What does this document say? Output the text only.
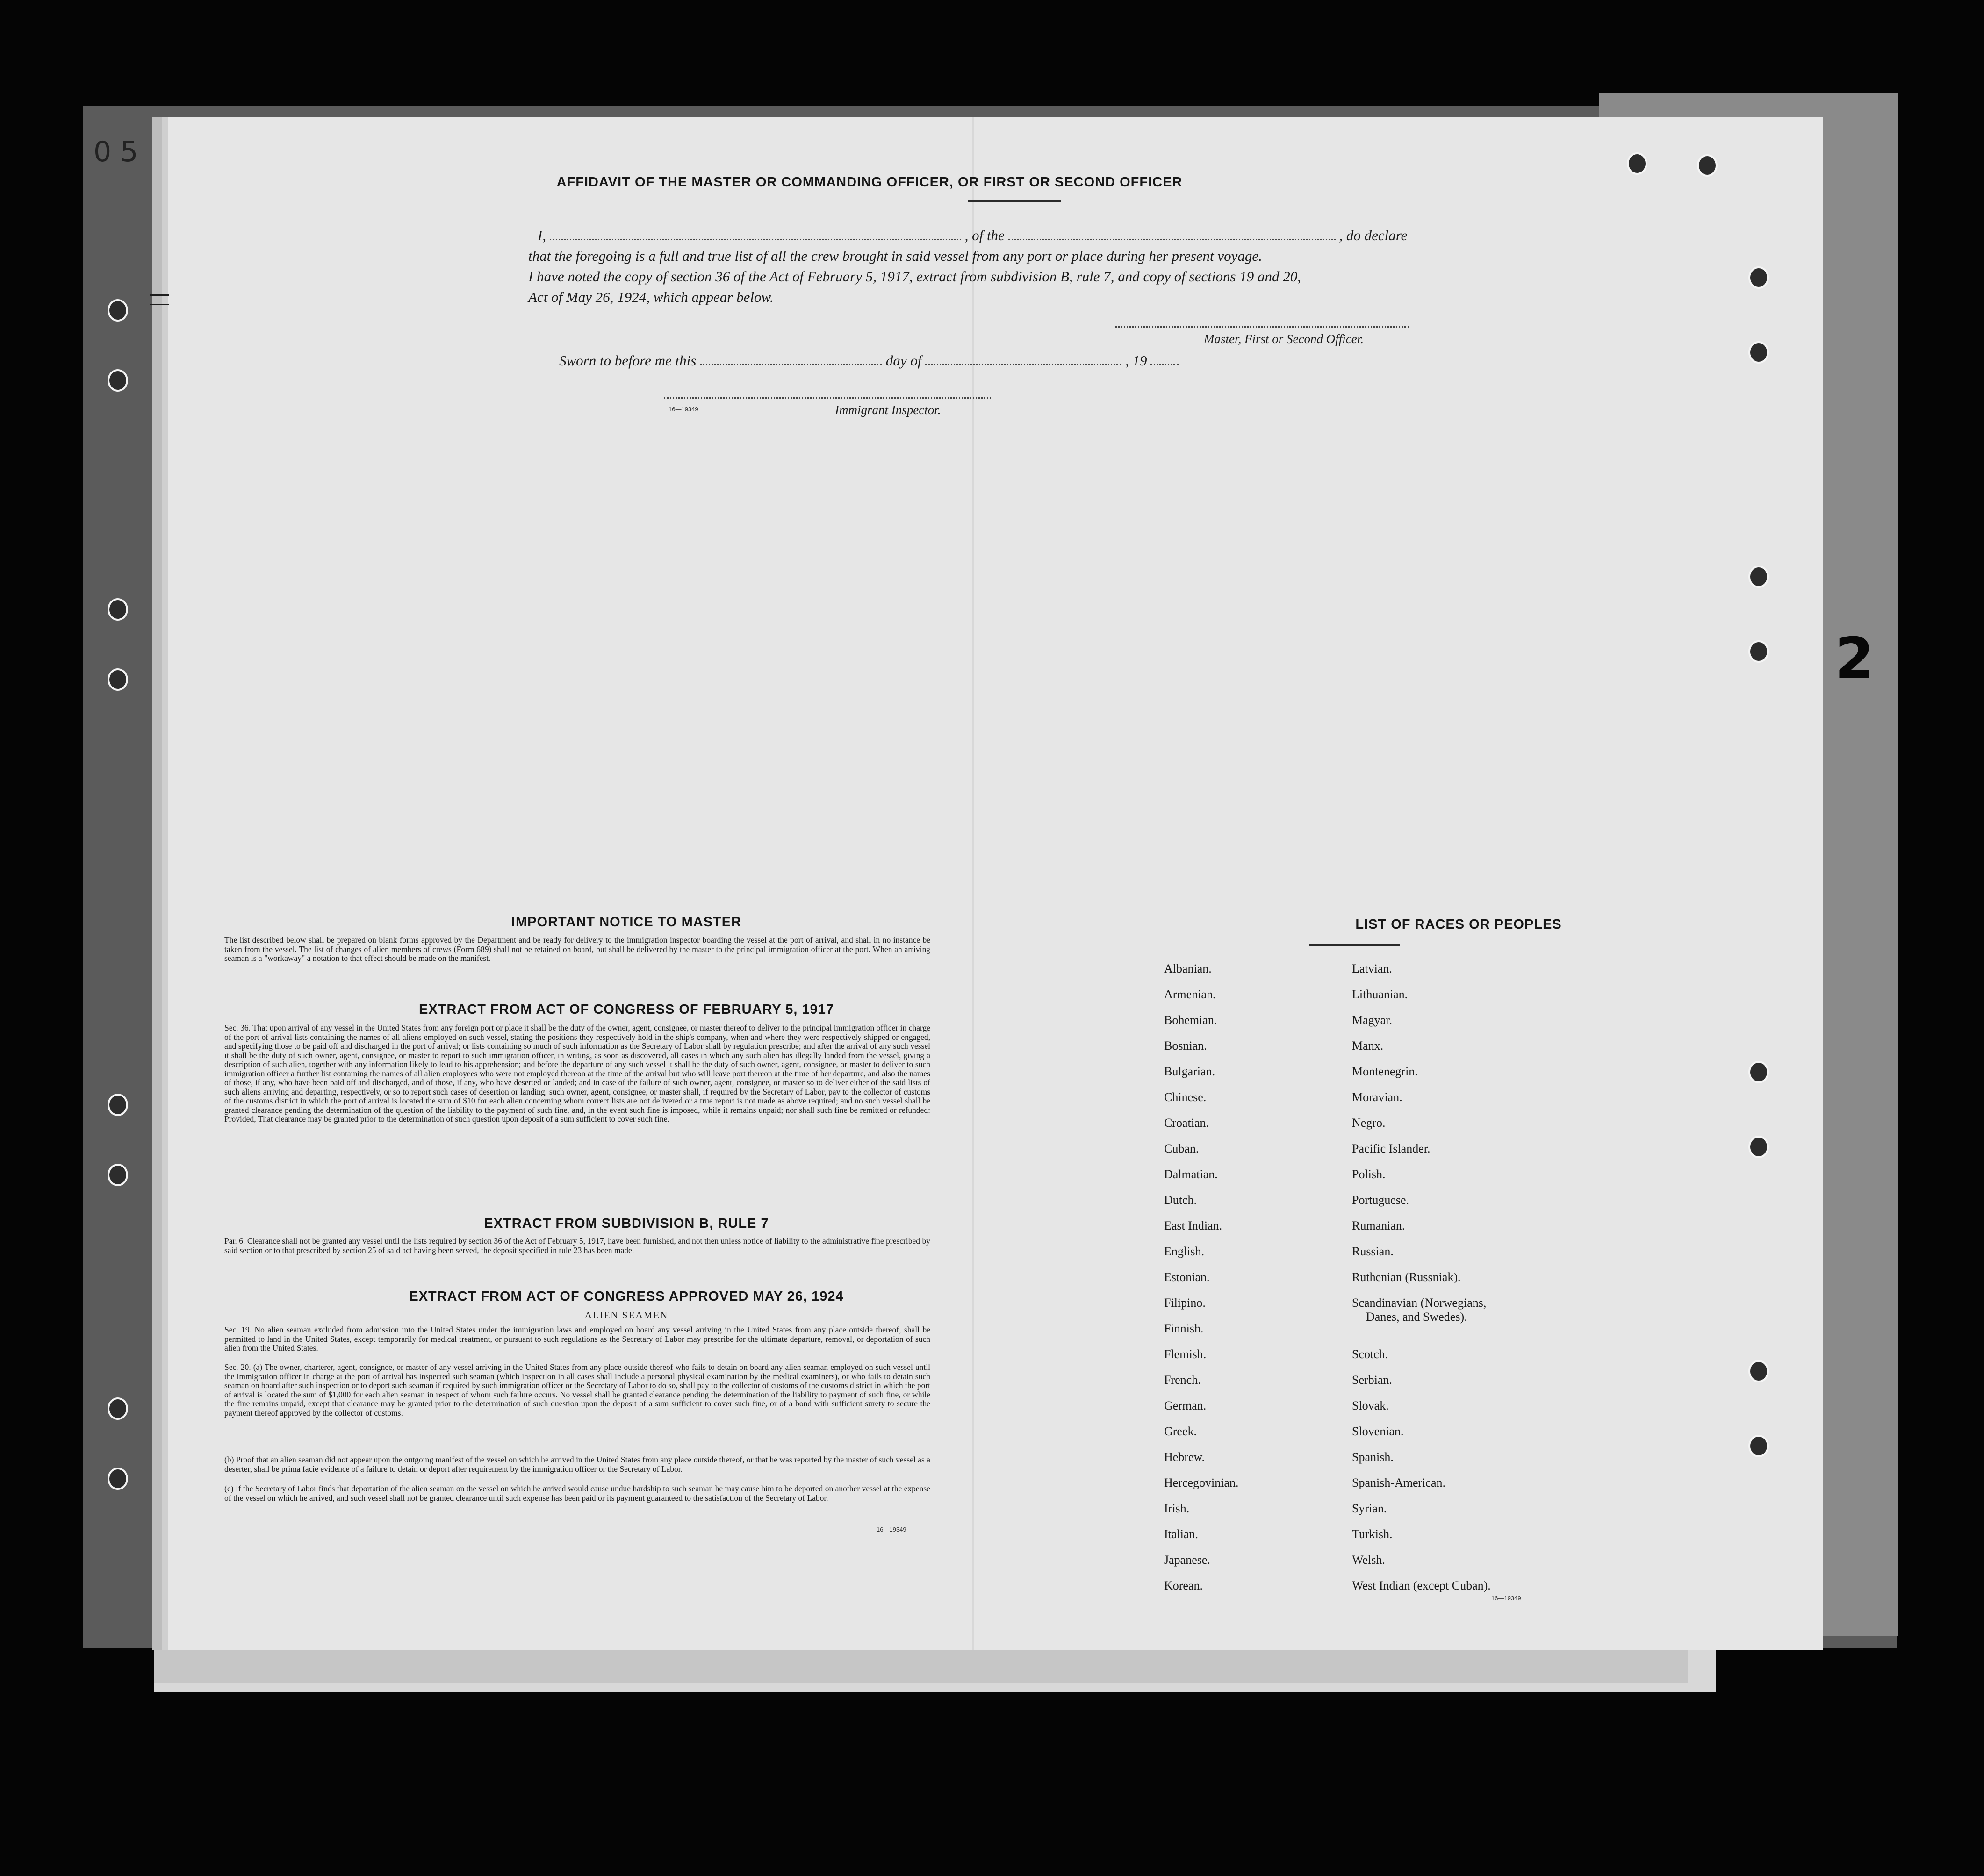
0 5
2
AFFIDAVIT OF THE MASTER OR COMMANDING OFFICER, OR FIRST OR SECOND OFFICER
I,	, of the	, do declare
that the foregoing is a full and true list of all the crew brought in said vessel from any port or place during her present voyage.
I have noted the copy of section 36 of the Act of February 5, 1917, extract from subdivision B, rule 7, and copy of sections 19 and 20,
Act of May 26, 1924, which appear below.
Master, First or Second Officer.
Sworn to before me this	day of	, 19
16—19349	Immigrant Inspector.
IMPORTANT NOTICE TO MASTER
The list described below shall be prepared on blank forms approved by the Department and be ready for delivery to the immigration inspector boarding the vessel at the port of arrival, and shall in no instance be taken from the vessel. The list of changes of alien members of crews (Form 689) shall not be retained on board, but shall be delivered by the master to the principal immigration officer at the port. When an arriving seaman is a "workaway" a notation to that effect should be made on the manifest.
EXTRACT FROM ACT OF CONGRESS OF FEBRUARY 5, 1917
Sec. 36. That upon arrival of any vessel in the United States from any foreign port or place it shall be the duty of the owner, agent, consignee, or master thereof to deliver to the principal immigration officer in charge of the port of arrival lists containing the names of all aliens employed on such vessel, stating the positions they respectively hold in the ship's company, when and where they were respectively shipped or engaged, and specifying those to be paid off and discharged in the port of arrival; or lists containing so much of such information as the Secretary of Labor shall by regulation prescribe; and after the arrival of any such vessel it shall be the duty of such owner, agent, consignee, or master to report to such immigration officer, in writing, as soon as discovered, all cases in which any such alien has illegally landed from the vessel, giving a description of such alien, together with any information likely to lead to his apprehension; and before the departure of any such vessel it shall be the duty of such owner, agent, consignee, or master to deliver to such immigration officer a further list containing the names of all alien employees who were not employed thereon at the time of the arrival but who will leave port thereon at the time of her departure, and also the names of those, if any, who have been paid off and discharged, and of those, if any, who have deserted or landed; and in case of the failure of such owner, agent, consignee, or master so to deliver either of the said lists of such aliens arriving and departing, respectively, or so to report such cases of desertion or landing, such owner, agent, consignee, or master shall, if required by the Secretary of Labor, pay to the collector of customs of the customs district in which the port of arrival is located the sum of $10 for each alien concerning whom correct lists are not delivered or a true report is not made as above required; and no such vessel shall be granted clearance pending the determination of the question of the liability to the payment of such fine, and, in the event such fine is imposed, while it remains unpaid; nor shall such fine be remitted or refunded: Provided, That clearance may be granted prior to the determination of such question upon deposit of a sum sufficient to cover such fine.
EXTRACT FROM SUBDIVISION B, RULE 7
Par. 6. Clearance shall not be granted any vessel until the lists required by section 36 of the Act of February 5, 1917, have been furnished, and not then unless notice of liability to the administrative fine prescribed by said section or to that prescribed by section 25 of said act having been served, the deposit specified in rule 23 has been made.
EXTRACT FROM ACT OF CONGRESS APPROVED MAY 26, 1924
ALIEN SEAMEN
Sec. 19. No alien seaman excluded from admission into the United States under the immigration laws and employed on board any vessel arriving in the United States from any place outside thereof, shall be permitted to land in the United States, except temporarily for medical treatment, or pursuant to such regulations as the Secretary of Labor may prescribe for the ultimate departure, removal, or deportation of such alien from the United States.
Sec. 20. (a) The owner, charterer, agent, consignee, or master of any vessel arriving in the United States from any place outside thereof who fails to detain on board any alien seaman employed on such vessel until the immigration officer in charge at the port of arrival has inspected such seaman (which inspection in all cases shall include a personal physical examination by the medical examiners), or who fails to detain such seaman on board after such inspection or to deport such seaman if required by such immigration officer or the Secretary of Labor to do so, shall pay to the collector of customs of the customs district in which the port of arrival is located the sum of $1,000 for each alien seaman in respect of whom such failure occurs. No vessel shall be granted clearance pending the determination of the liability to payment of such fine, or while the fine remains unpaid, except that clearance may be granted prior to the determination of such question upon the deposit of a sum sufficient to cover such fine, or of a bond with sufficient surety to secure the payment thereof approved by the collector of customs.
(b) Proof that an alien seaman did not appear upon the outgoing manifest of the vessel on which he arrived in the United States from any place outside thereof, or that he was reported by the master of such vessel as a deserter, shall be prima facie evidence of a failure to detain or deport after requirement by the immigration officer or the Secretary of Labor.
(c) If the Secretary of Labor finds that deportation of the alien seaman on the vessel on which he arrived would cause undue hardship to such seaman he may cause him to be deported on another vessel at the expense of the vessel on which he arrived, and such vessel shall not be granted clearance until such expense has been paid or its payment guaranteed to the satisfaction of the Secretary of Labor.
16—19349
LIST OF RACES OR PEOPLES
Albanian.
Armenian.
Bohemian.
Bosnian.
Bulgarian.
Chinese.
Croatian.
Cuban.
Dalmatian.
Dutch.
East Indian.
English.
Estonian.
Filipino.
Finnish.
Flemish.
French.
German.
Greek.
Hebrew.
Hercegovinian.
Irish.
Italian.
Japanese.
Korean.
Latvian.
Lithuanian.
Magyar.
Manx.
Montenegrin.
Moravian.
Negro.
Pacific Islander.
Polish.
Portuguese.
Rumanian.
Russian.
Ruthenian (Russniak).
Scandinavian (Norwegians,
Danes, and Swedes).
Scotch.
Serbian.
Slovak.
Slovenian.
Spanish.
Spanish-American.
Syrian.
Turkish.
Welsh.
West Indian (except Cuban).
16—19349
